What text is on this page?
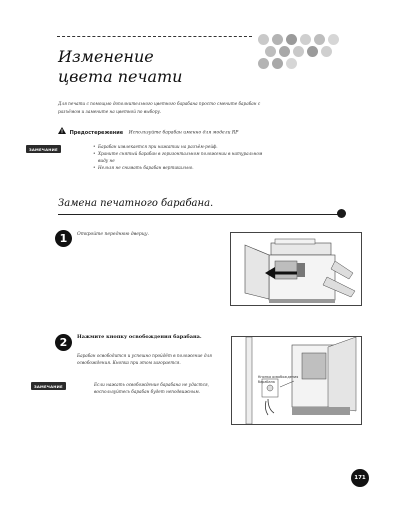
Изменение
цвета печати
Для печати с помощью дополнительного цветного барабана просто смените барабан с разъёмом и замените на цветной по выбору.
Предостережение Используйте барабан именно для модели RP
ЗАМЕЧАНИЕ
•	Барабан извлекается при нажатии на разъём-рейф.
• Храните снятый барабан в горизонтальном положении в натуральном виду не
• Нельзя не снимать барабан вертикально.
Замена печатного барабана.
1	Откройте переднюю дверцу.
2	Нажмите кнопку освобождения барабана.
Барабан освободится и успешно пройдёт в положение для освобождения. Кнопка при этом загорается.
ЗАМЕЧАНИЕ	Если нажать освобождение барабана не удастся, воспользуйтесь барабан будет неподвижным.
Кнопка освобождения барабана
171
